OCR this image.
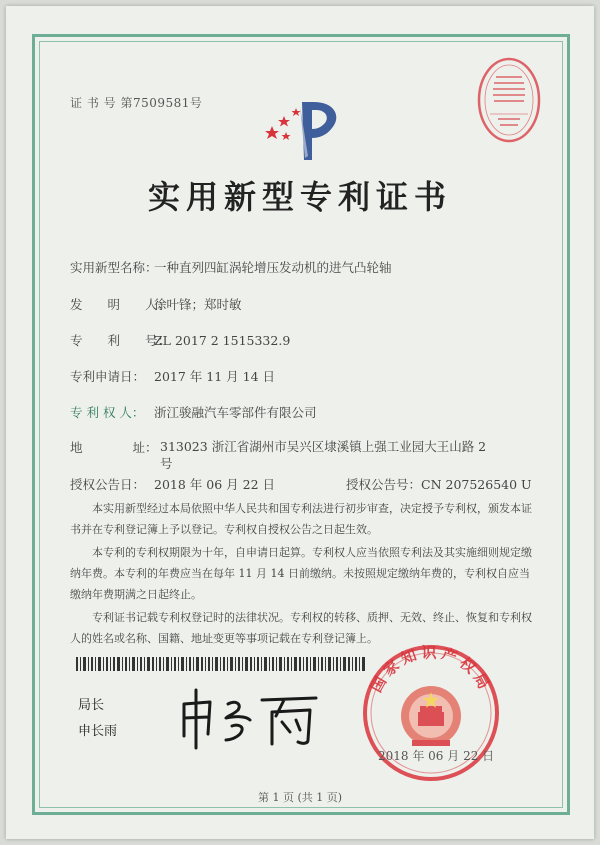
证 书 号 第7509581号
实用新型专利证书
实用新型名称：一种直列四缸涡轮增压发动机的进气凸轮轴
发　　明　　人：徐叶锋；郑时敏
专　　利　　号：ZL 2017 2 1515332.9
专利申请日： 2017 年 11 月 14 日
专 利 权 人： 浙江骏融汽车零部件有限公司
地　　　　址： 313023 浙江省湖州市吴兴区埭溪镇上强工业园大王山路 2 号
授权公告日： 2018 年 06 月 22 日	授权公告号：CN 207526540 U

本实用新型经过本局依照中华人民共和国专利法进行初步审查，决定授予专利权，颁发本证书并在专利登记簿上予以登记。专利权自授权公告之日起生效。

本专利的专利权期限为十年，自申请日起算。专利权人应当依照专利法及其实施细则规定缴纳年费。本专利的年费应当在每年 11 月 14 日前缴纳。未按照规定缴纳年费的，专利权自应当缴纳年费期满之日起终止。

专利证书记载专利权登记时的法律状况。专利权的转移、质押、无效、终止、恢复和专利权人的姓名或名称、国籍、地址变更等事项记载在专利登记簿上。

局长
申长雨
国家知识产权局
2018 年 06 月 22 日
第 1 页 (共 1 页)
